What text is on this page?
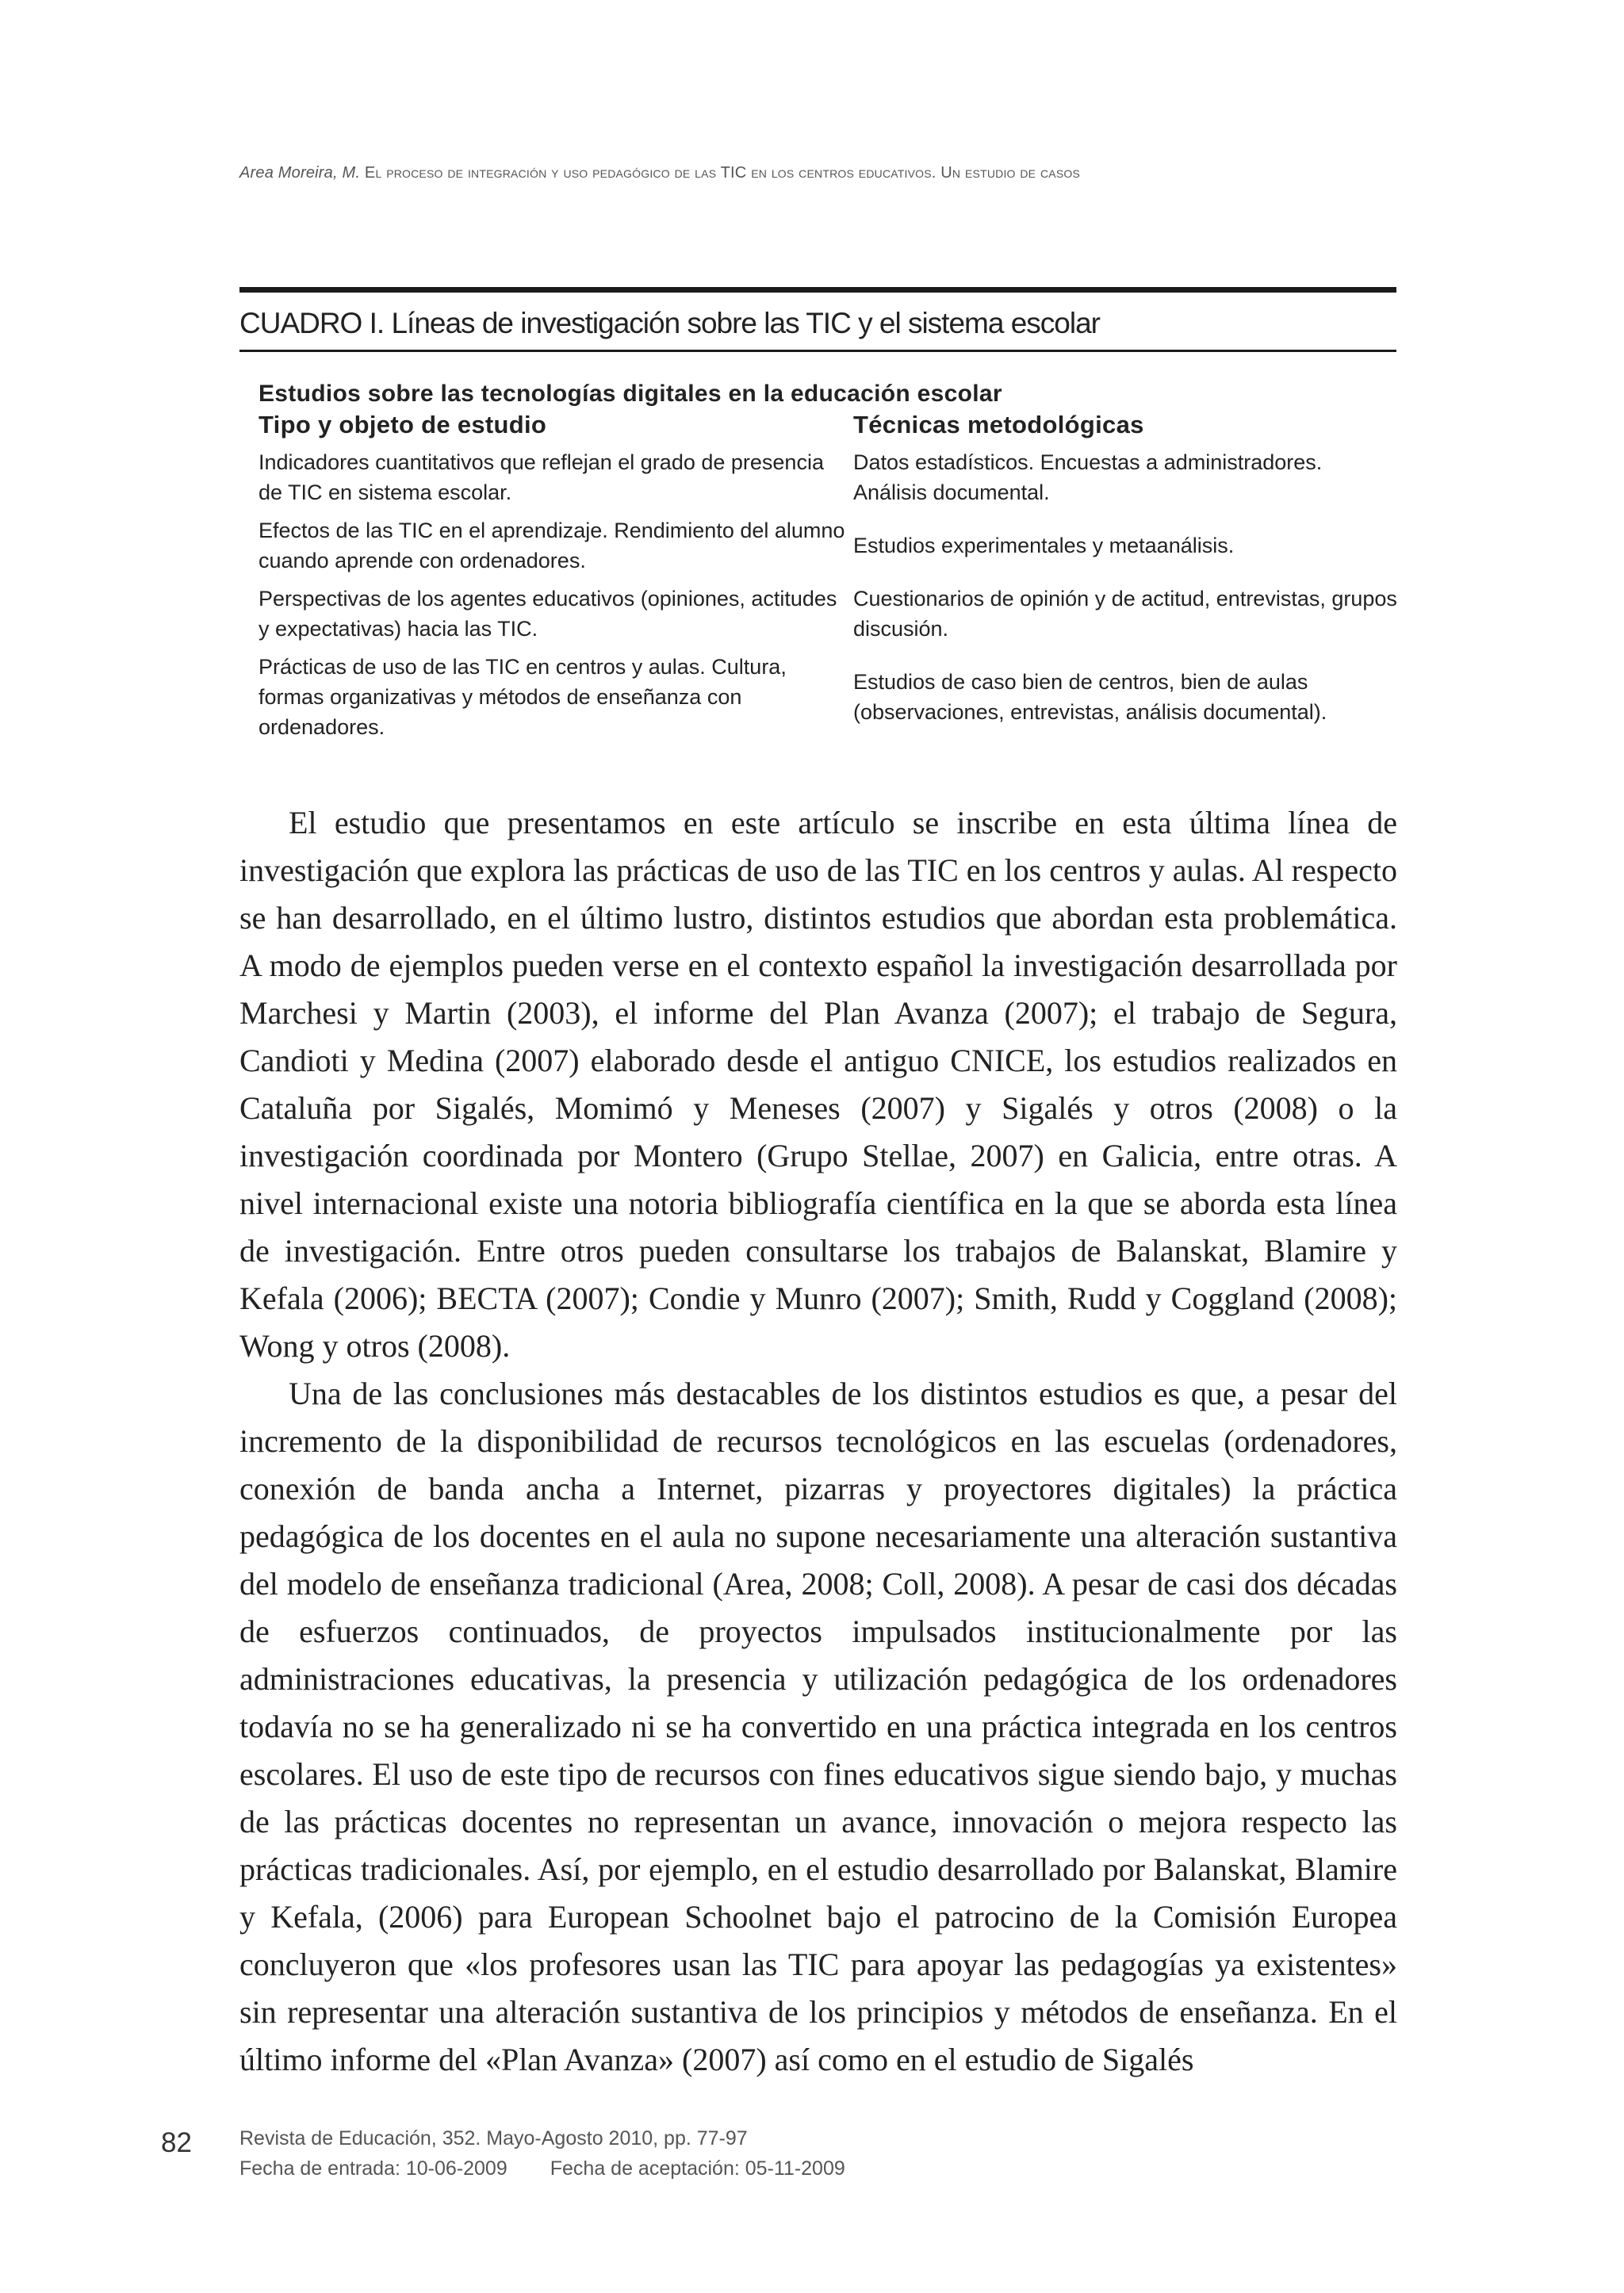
Area Moreira, M. El proceso de integración y uso pedagógico de las TIC en los centros educativos. Un estudio de casos
CUADRO I. Líneas de investigación sobre las TIC y el sistema escolar
Estudios sobre las tecnologías digitales en la educación escolar
Tipo y objeto de estudio	Técnicas metodológicas
Indicadores cuantitativos que reflejan el grado de presencia de TIC en sistema escolar.
Datos estadísticos. Encuestas a administradores. Análisis documental.
Efectos de las TIC en el aprendizaje. Rendimiento del alumno cuando aprende con ordenadores.
Estudios experimentales y metaanálisis.
Perspectivas de los agentes educativos (opiniones, actitudes y expectativas) hacia las TIC.
Cuestionarios de opinión y de actitud, entrevistas, grupos discusión.
Prácticas de uso de las TIC en centros y aulas. Cultura, formas organizativas y métodos de enseñanza con ordenadores.
Estudios de caso bien de centros, bien de aulas (observaciones, entrevistas, análisis documental).

El estudio que presentamos en este artículo se inscribe en esta última línea de investigación que explora las prácticas de uso de las TIC en los centros y aulas. Al respecto se han desarrollado, en el último lustro, distintos estudios que abordan esta problemática. A modo de ejemplos pueden verse en el contexto español la investigación desarrollada por Marchesi y Martin (2003), el informe del Plan Avanza (2007); el trabajo de Segura, Candioti y Medina (2007) elaborado desde el antiguo CNICE, los estudios realizados en Cataluña por Sigalés, Momimó y Meneses (2007) y Sigalés y otros (2008) o la investigación coordinada por Montero (Grupo Stellae, 2007) en Galicia, entre otras. A nivel internacional existe una notoria bibliografía científica en la que se aborda esta línea de investigación. Entre otros pueden consultarse los trabajos de Balanskat, Blamire y Kefala (2006); BECTA (2007); Condie y Munro (2007); Smith, Rudd y Coggland (2008); Wong y otros (2008).

Una de las conclusiones más destacables de los distintos estudios es que, a pesar del incremento de la disponibilidad de recursos tecnológicos en las escuelas (ordenadores, conexión de banda ancha a Internet, pizarras y proyectores digitales) la práctica pedagógica de los docentes en el aula no supone necesariamente una alteración sustantiva del modelo de enseñanza tradicional (Area, 2008; Coll, 2008). A pesar de casi dos décadas de esfuerzos continuados, de proyectos impulsados institucionalmente por las administraciones educativas, la presencia y utilización pedagógica de los ordenadores todavía no se ha generalizado ni se ha convertido en una práctica integrada en los centros escolares. El uso de este tipo de recursos con fines educativos sigue siendo bajo, y muchas de las prácticas docentes no representan un avance, innovación o mejora respecto las prácticas tradicionales. Así, por ejemplo, en el estudio desarrollado por Balanskat, Blamire y Kefala, (2006) para European Schoolnet bajo el patrocino de la Comisión Europea concluyeron que «los profesores usan las TIC para apoyar las pedagogías ya existentes» sin representar una alteración sustantiva de los principios y métodos de enseñanza. En el último informe del «Plan Avanza» (2007) así como en el estudio de Sigalés

82 Revista de Educación, 352. Mayo-Agosto 2010, pp. 77-97
Fecha de entrada: 10-06-2009 Fecha de aceptación: 05-11-2009
